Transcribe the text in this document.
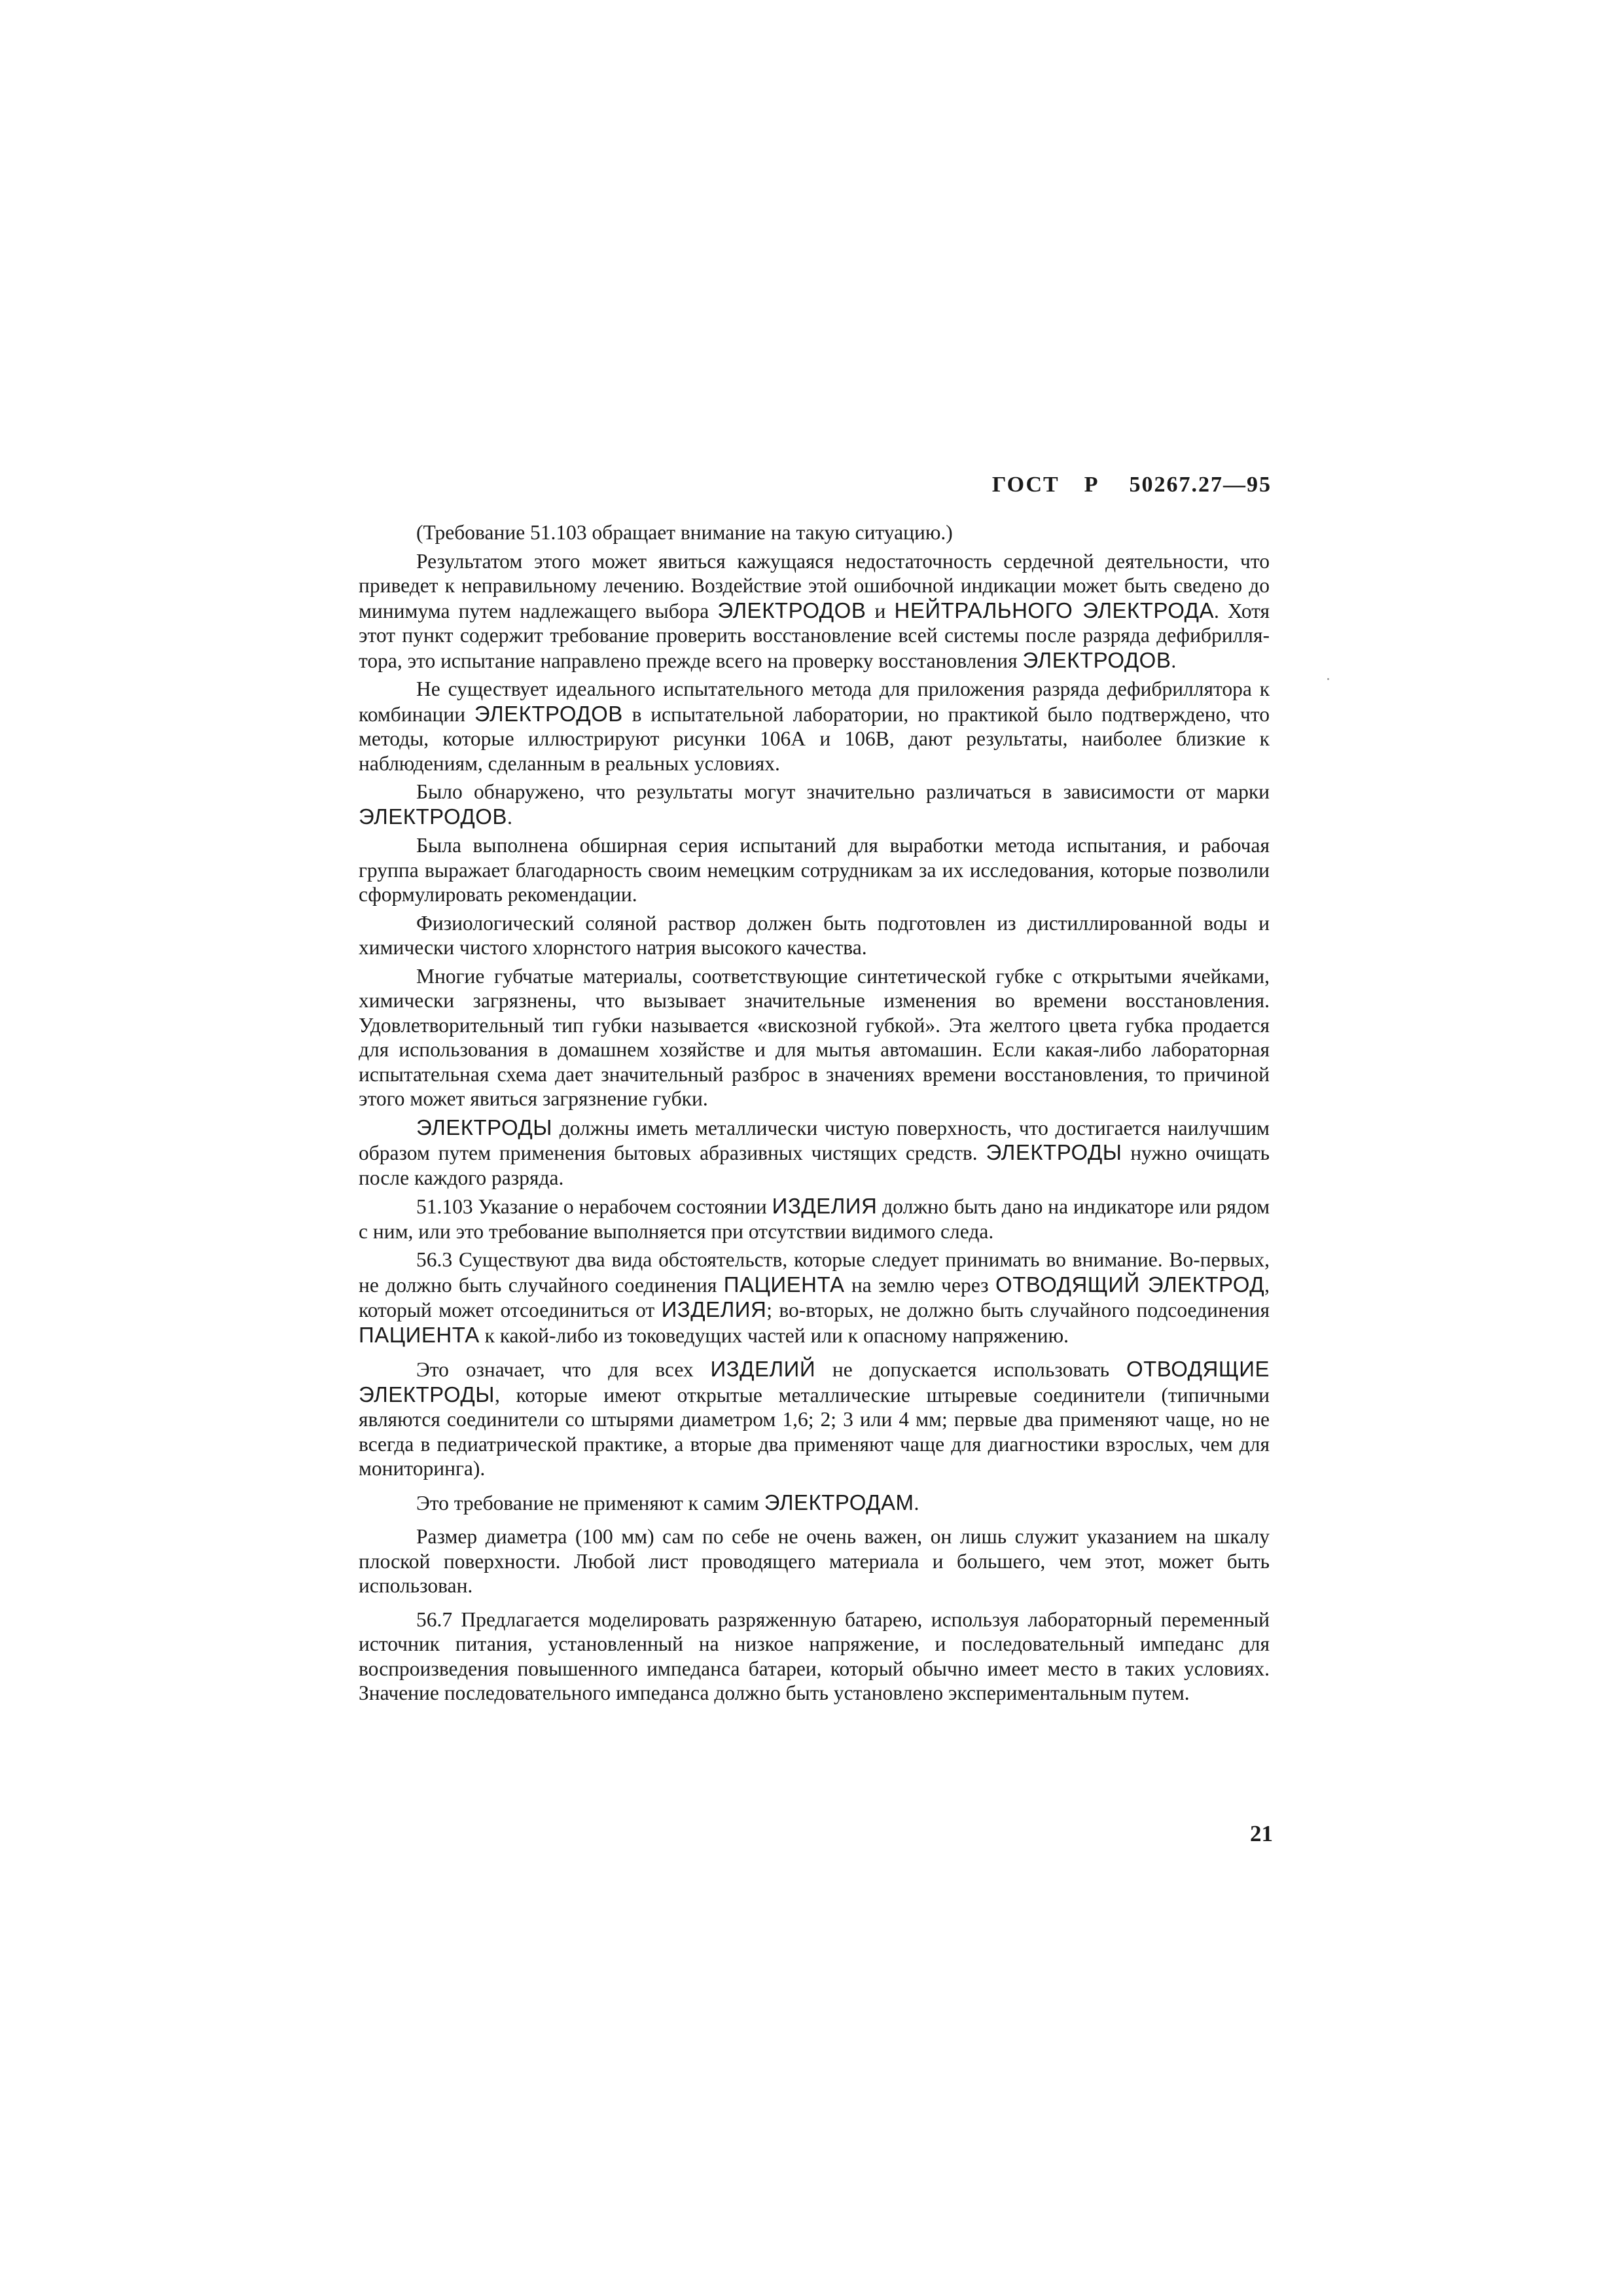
ГОСТ Р 50267.27—95

(Требование 51.103 обращает внимание на такую ситуацию.)

Результатом этого может явиться кажущаяся недостаточность сердечной деятельности, что приведет к неправильному лечению. Воздействие этой ошибочной индикации может быть сведено до минимума путем надлежащего выбора ЭЛЕКТРОДОВ и НЕЙТРАЛЬНОГО ЭЛЕКТРОДА. Хотя этот пункт содержит требование проверить восстановление всей системы после разряда дефибриллятора, это испытание направлено прежде всего на проверку восстановления ЭЛЕКТРОДОВ.

Не существует идеального испытательного метода для приложения разряда дефибриллятора к комбинации ЭЛЕКТРОДОВ в испытательной лаборатории, но практикой было подтверждено, что методы, которые иллюстрируют рисунки 106А и 106В, дают результаты, наиболее близкие к наблюдениям, сделанным в реальных условиях.

Было обнаружено, что результаты могут значительно различаться в зависимости от марки ЭЛЕКТРОДОВ.

Была выполнена обширная серия испытаний для выработки метода испытания, и рабочая группа выражает благодарность своим немецким сотрудникам за их исследования, которые позволили сформулировать рекомендации.

Физиологический соляной раствор должен быть подготовлен из дистиллированной воды и химически чистого хлорнстого натрия высокого качества.

Многие губчатые материалы, соответствующие синтетической губке с открытыми ячейками, химически загрязнены, что вызывает значительные изменения во времени восстановления. Удовлетворительный тип губки называется «вискозной губкой». Эта желтого цвета губка продается для использования в домашнем хозяйстве и для мытья автомашин. Если какая-либо лабораторная испытательная схема дает значительный разброс в значениях времени восстановления, то причиной этого может явиться загрязнение губки.

ЭЛЕКТРОДЫ должны иметь металлически чистую поверхность, что достигается наилучшим образом путем применения бытовых абразивных чистящих средств. ЭЛЕКТРОДЫ нужно очищать после каждого разряда.

51.103 Указание о нерабочем состоянии ИЗДЕЛИЯ должно быть дано на индикаторе или рядом с ним, или это требование выполняется при отсутствии видимого следа.

56.3 Существуют два вида обстоятельств, которые следует принимать во внимание. Во-первых, не должно быть случайного соединения ПАЦИЕНТА на землю через ОТВОДЯЩИЙ ЭЛЕКТРОД, который может отсоединиться от ИЗДЕЛИЯ; во-вторых, не должно быть случайного подсоединения ПАЦИЕНТА к какой-либо из токоведущих частей или к опасному напряжению.

Это означает, что для всех ИЗДЕЛИЙ не допускается использовать ОТВОДЯЩИЕ ЭЛЕКТРОДЫ, которые имеют открытые металлические штыревые соединители (типичными являются соединители со штырями диаметром 1,6; 2; 3 или 4 мм; первые два применяют чаще, но не всегда в педиатрической практике, а вторые два применяют чаще для диагностики взрослых, чем для мониторинга).

Это требование не применяют к самим ЭЛЕКТРОДАМ.

Размер диаметра (100 мм) сам по себе не очень важен, он лишь служит указанием на шкалу плоской поверхности. Любой лист проводящего материала и большего, чем этот, может быть использован.

56.7 Предлагается моделировать разряженную батарею, используя лабораторный переменный источник питания, установленный на низкое напряжение, и последовательный импеданс для воспроизведения повышенного импеданса батареи, который обычно имеет место в таких условиях. Значение последовательного импеданса должно быть установлено экспериментальным путем.

21
